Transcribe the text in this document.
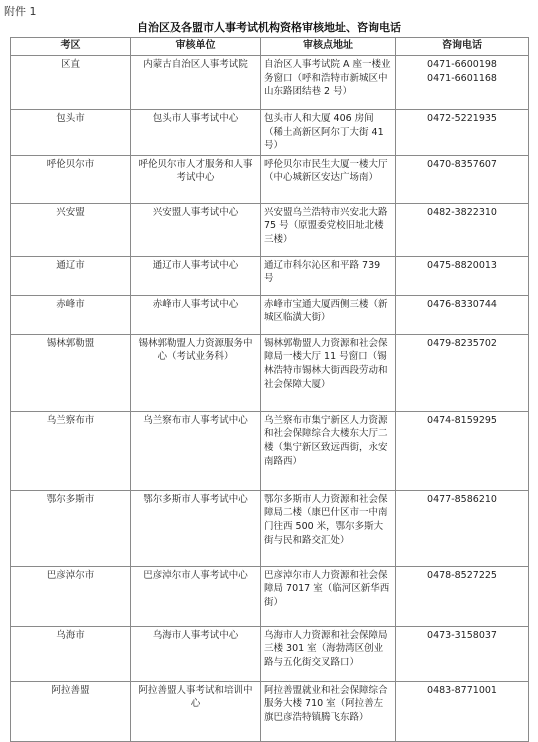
附件 1
自治区及各盟市人事考试机构资格审核地址、咨询电话
考区	审核单位	审核点地址	咨询电话
区直	内蒙古自治区人事考试院	自治区人事考试院 A 座一楼业务窗口（呼和浩特市新城区中山东路团结巷 2 号）	0471-6600198
0471-6601168

包头市	包头市人事考试中心	包头市人和大厦 406 房间（稀土高新区阿尔丁大街 41 号）	0472-5221935

呼伦贝尔市	呼伦贝尔市人才服务和人事考试中心	呼伦贝尔市民生大厦一楼大厅（中心城新区安达广场南）	0470-8357607

兴安盟	兴安盟人事考试中心	兴安盟乌兰浩特市兴安北大路 75 号（原盟委党校旧址北楼三楼）	0482-3822310

通辽市	通辽市人事考试中心	通辽市科尔沁区和平路 739 号	0475-8820013

赤峰市	赤峰市人事考试中心	赤峰市宝通大厦西侧三楼（新城区临潢大街）	0476-8330744

锡林郭勒盟	锡林郭勒盟人力资源服务中心（考试业务科）	锡林郭勒盟人力资源和社会保障局一楼大厅 11 号窗口（锡林浩特市锡林大街西段劳动和社会保障大厦）	0479-8235702

乌兰察布市	乌兰察布市人事考试中心	乌兰察布市集宁新区人力资源和社会保障综合大楼东大厅二楼（集宁新区致远西街，永安南路西）	0474-8159295

鄂尔多斯市	鄂尔多斯市人事考试中心	鄂尔多斯市人力资源和社会保障局二楼（康巴什区市一中南门往西 500 米，鄂尔多斯大街与民和路交汇处）	0477-8586210

巴彦淖尔市	巴彦淖尔市人事考试中心	巴彦淖尔市人力资源和社会保障局 7017 室（临河区新华西街）	0478-8527225

乌海市	乌海市人事考试中心	乌海市人力资源和社会保障局三楼 301 室（海勃湾区创业路与五化街交叉路口）	0473-3158037

阿拉善盟	阿拉善盟人事考试和培训中心	阿拉善盟就业和社会保障综合服务大楼 710 室（阿拉善左旗巴彦浩特镇腾飞东路）	0483-8771001
